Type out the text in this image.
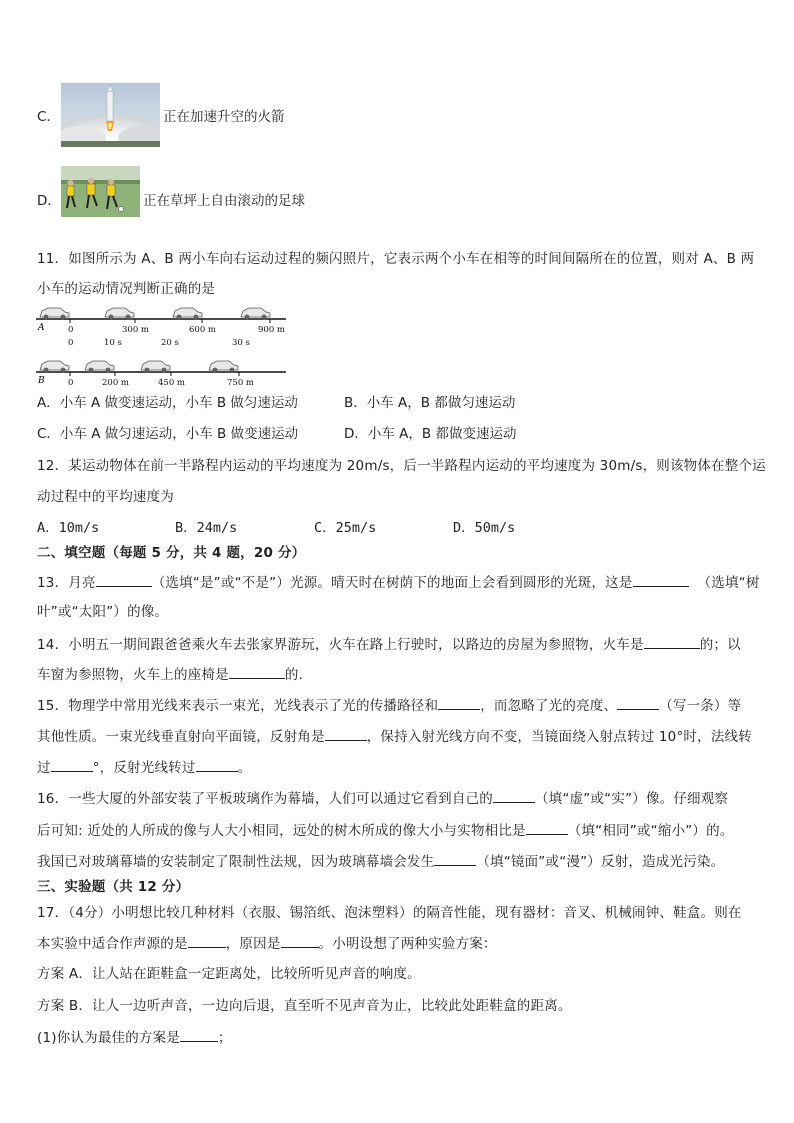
C．	正在加速升空的火箭
D．	正在草坪上自由滚动的足球
11．如图所示为 A、B 两小车向右运动过程的频闪照片，它表示两个小车在相等的时间间隔所在的位置，则对 A、B 两
小车的运动情况判断正确的是
A	0	300 m	600 m	900 m
0	10 s	20 s	30 s
B	0	200 m	450 m	750 m
A．小车 A 做变速运动，小车 B 做匀速运动	B．小车 A，B 都做匀速运动
C．小车 A 做匀速运动，小车 B 做变速运动	D．小车 A，B 都做变速运动
12．某运动物体在前一半路程内运动的平均速度为 20m/s，后一半路程内运动的平均速度为 30m/s，则该物体在整个运
动过程中的平均速度为
A．10m/s	B．24m/s	C．25m/s	D．50m/s
二、填空题（每题 5 分，共 4 题，20 分）
13．月亮	（选填“是”或“不是”）光源。晴天时在树荫下的地面上会看到圆形的光斑，这是	（选填“树
叶”或“太阳”）的像。
14．小明五一期间跟爸爸乘火车去张家界游玩，火车在路上行驶时，以路边的房屋为参照物，火车是	的；以
车窗为参照物，火车上的座椅是	的.
15．物理学中常用光线来表示一束光，光线表示了光的传播路径和	，而忽略了光的亮度、	（写一条）等
其他性质。一束光线垂直射向平面镜，反射角是	，保持入射光线方向不变，当镜面绕入射点转过 10°时，法线转
过	°，反射光线转过	。
16．一些大厦的外部安装了平板玻璃作为幕墙，人们可以通过它看到自己的	（填“虚”或“实”）像。仔细观察
后可知: 近处的人所成的像与人大小相同，远处的树木所成的像大小与实物相比是	（填“相同”或“缩小”）的。
我国已对玻璃幕墙的安装制定了限制性法规，因为玻璃幕墙会发生	（填“镜面”或“漫”）反射，造成光污染。
三、实验题（共 12 分）
17．（4分）小明想比较几种材料（衣服、锡箔纸、泡沫塑料）的隔音性能，现有器材：音叉、机械闹钟、鞋盒。则在
本实验中适合作声源的是	，原因是	。小明设想了两种实验方案：
方案 A．让人站在距鞋盒一定距离处，比较所听见声音的响度。
方案 B．让人一边听声音，一边向后退，直至听不见声音为止，比较此处距鞋盒的距离。
(1)你认为最佳的方案是	；
